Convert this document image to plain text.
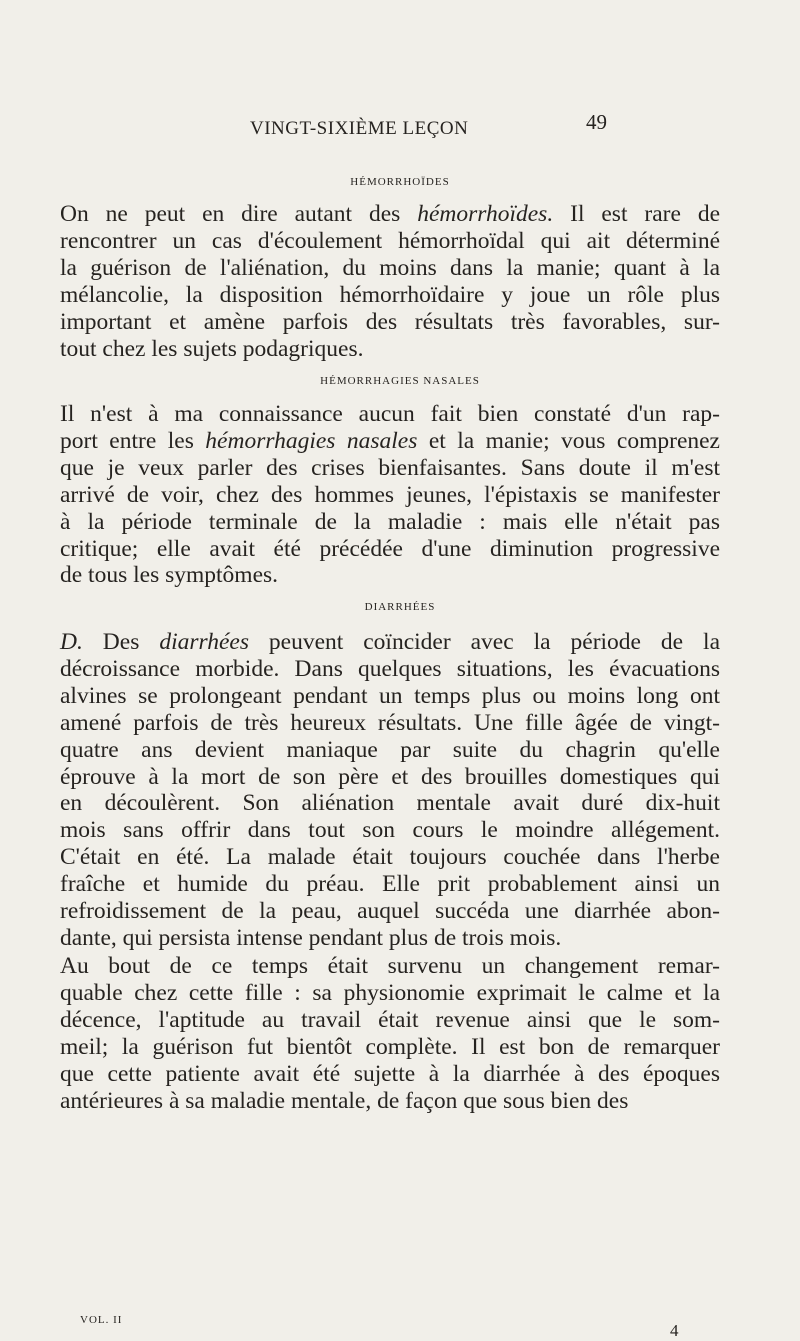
VINGT-SIXIÈME LEÇON	49
HÉMORRHOÏDES
On ne peut en dire autant des hémorrhoïdes. Il est rare de
rencontrer un cas d'écoulement hémorrhoïdal qui ait déterminé
la guérison de l'aliénation, du moins dans la manie; quant à la
mélancolie, la disposition hémorrhoïdaire y joue un rôle plus
important et amène parfois des résultats très favorables, sur-
tout chez les sujets podagriques.
HÉMORRHAGIES NASALES
Il n'est à ma connaissance aucun fait bien constaté d'un rap-
port entre les hémorrhagies nasales et la manie; vous comprenez
que je veux parler des crises bienfaisantes. Sans doute il m'est
arrivé de voir, chez des hommes jeunes, l'épistaxis se manifester
à la période terminale de la maladie : mais elle n'était pas
critique; elle avait été précédée d'une diminution progressive
de tous les symptômes.
DIARRHÉES
D. Des diarrhées peuvent coïncider avec la période de la
décroissance morbide. Dans quelques situations, les évacuations
alvines se prolongeant pendant un temps plus ou moins long ont
amené parfois de très heureux résultats. Une fille âgée de vingt-
quatre ans devient maniaque par suite du chagrin qu'elle
éprouve à la mort de son père et des brouilles domestiques qui
en découlèrent. Son aliénation mentale avait duré dix-huit
mois sans offrir dans tout son cours le moindre allégement.
C'était en été. La malade était toujours couchée dans l'herbe
fraîche et humide du préau. Elle prit probablement ainsi un
refroidissement de la peau, auquel succéda une diarrhée abon-
dante, qui persista intense pendant plus de trois mois.
Au bout de ce temps était survenu un changement remar-
quable chez cette fille : sa physionomie exprimait le calme et la
décence, l'aptitude au travail était revenue ainsi que le som-
meil; la guérison fut bientôt complète. Il est bon de remarquer
que cette patiente avait été sujette à la diarrhée à des époques
antérieures à sa maladie mentale, de façon que sous bien des
VOL. II
4
